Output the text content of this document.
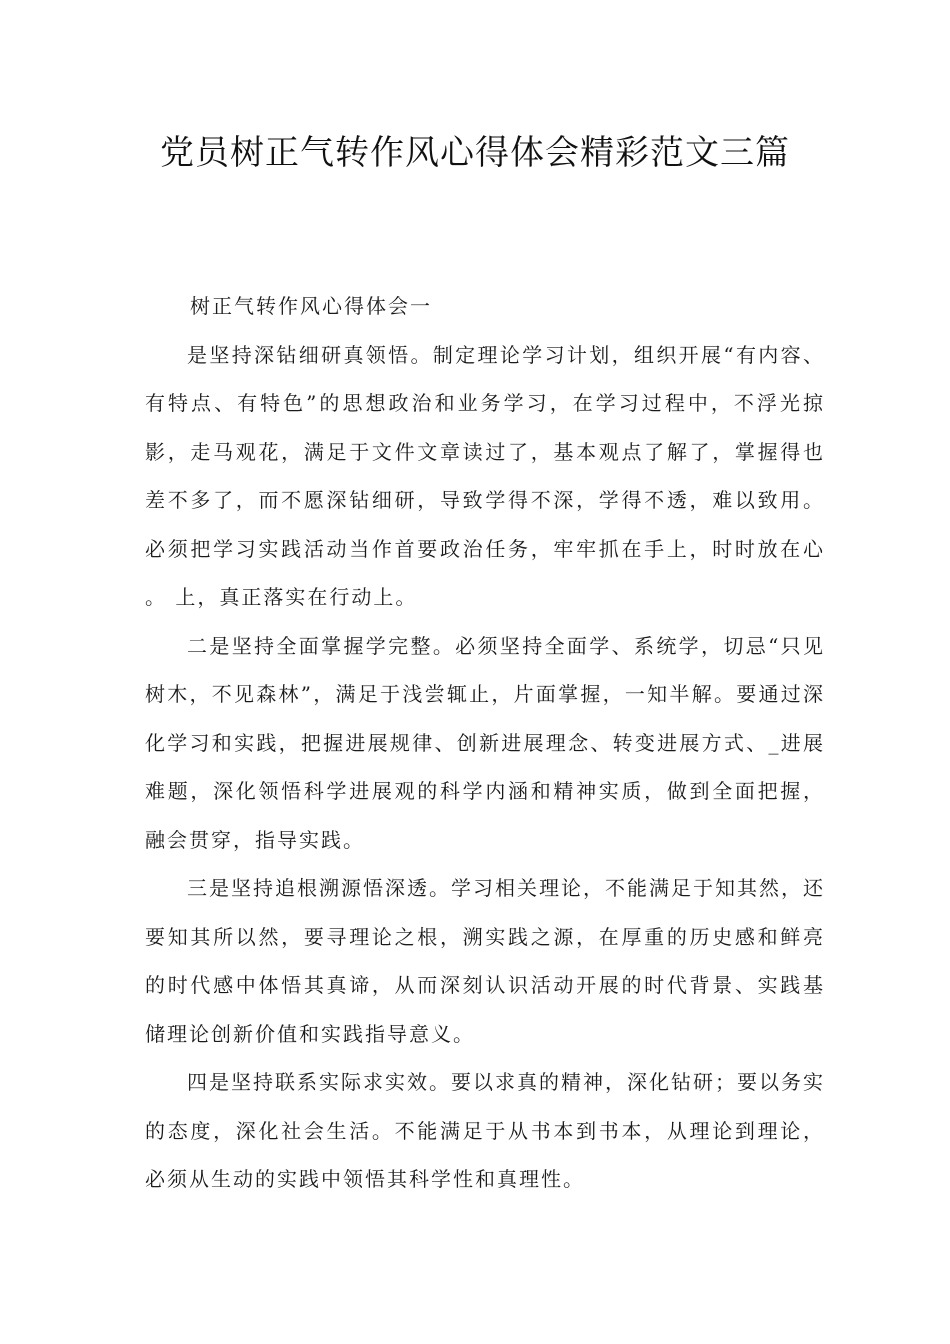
党员树正气转作风心得体会精彩范文三篇

树正气转作风心得体会一

是坚持深钻细研真领悟。制定理论学习计划，组织开展“有内容、有特点、有特色”的思想政治和业务学习，在学习过程中，不浮光掠影，走马观花，满足于文件文章读过了，基本观点了解了，掌握得也差不多了，而不愿深钻细研，导致学得不深，学得不透，难以致用。必须把学习实践活动当作首要政治任务，牢牢抓在手上，时时放在心 。 上，真正落实在行动上。

二是坚持全面掌握学完整。必须坚持全面学、系统学，切忌“只见树木，不见森林”，满足于浅尝辄止，片面掌握，一知半解。要通过深化学习和实践，把握进展规律、创新进展理念、转变进展方式、_进展难题，深化领悟科学进展观的科学内涵和精神实质，做到全面把握，融会贯穿，指导实践。

三是坚持追根溯源悟深透。学习相关理论，不能满足于知其然，还要知其所以然，要寻理论之根，溯实践之源，在厚重的历史感和鲜亮的时代感中体悟其真谛，从而深刻认识活动开展的时代背景、实践基储理论创新价值和实践指导意义。

四是坚持联系实际求实效。要以求真的精神，深化钻研；要以务实的态度，深化社会生活。不能满足于从书本到书本，从理论到理论，必须从生动的实践中领悟其科学性和真理性。
